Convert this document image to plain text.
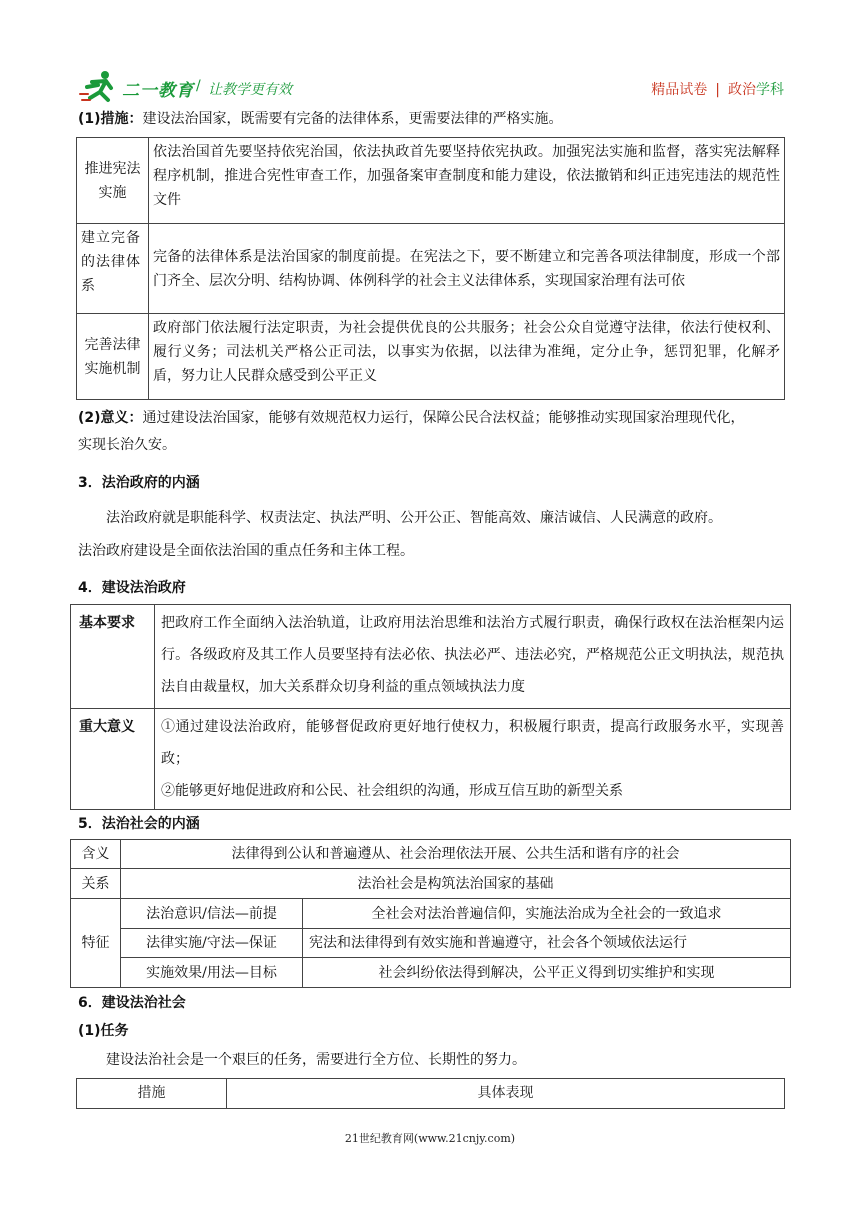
二一教育 / 让教学更有效	精品试卷 | 政治学科
(1)措施：建设法治国家，既需要有完备的法律体系，更需要法律的严格实施。
推进宪法
实施	依法治国首先要坚持依宪治国，依法执政首先要坚持依宪执政。加强宪法实施和监督，落实宪法解释程序机制，推进合宪性审查工作，加强备案审查制度和能力建设，依法撤销和纠正违宪违法的规范性文件

建立完备
的法律体
系	完备的法律体系是法治国家的制度前提。在宪法之下，要不断建立和完善各项法律制度，形成一个部门齐全、层次分明、结构协调、体例科学的社会主义法律体系，实现国家治理有法可依

完善法律
实施机制	政府部门依法履行法定职责，为社会提供优良的公共服务；社会公众自觉遵守法律，依法行使权利、履行义务；司法机关严格公正司法，以事实为依据，以法律为准绳，定分止争，惩罚犯罪，化解矛盾，努力让人民群众感受到公平正义
(2)意义：通过建设法治国家，能够有效规范权力运行，保障公民合法权益；能够推动实现国家治理现代化，
实现长治久安。
3．法治政府的内涵
法治政府就是职能科学、权责法定、执法严明、公开公正、智能高效、廉洁诚信、人民满意的政府。
法治政府建设是全面依法治国的重点任务和主体工程。
4．建设法治政府
基本要求	把政府工作全面纳入法治轨道，让政府用法治思维和法治方式履行职责，确保行政权在法治框架内运行。各级政府及其工作人员要坚持有法必依、执法必严、违法必究，严格规范公正文明执法，规范执法自由裁量权，加大关系群众切身利益的重点领域执法力度
重大意义	①通过建设法治政府，能够督促政府更好地行使权力，积极履行职责，提高行政服务水平，实现善政；
②能够更好地促进政府和公民、社会组织的沟通，形成互信互助的新型关系
5．法治社会的内涵
含义	法律得到公认和普遍遵从、社会治理依法开展、公共生活和谐有序的社会	
关系	法治社会是构筑法治国家的基础	
特征	法治意识/信法—前提	全社会对法治普遍信仰，实施法治成为全社会的一致追求
	法律实施/守法—保证	宪法和法律得到有效实施和普遍遵守，社会各个领域依法运行
	实施效果/用法—目标	社会纠纷依法得到解决，公平正义得到切实维护和实现
6．建设法治社会
(1)任务
建设法治社会是一个艰巨的任务，需要进行全方位、长期性的努力。
措施	具体表现
21世纪教育网(www.21cnjy.com)
